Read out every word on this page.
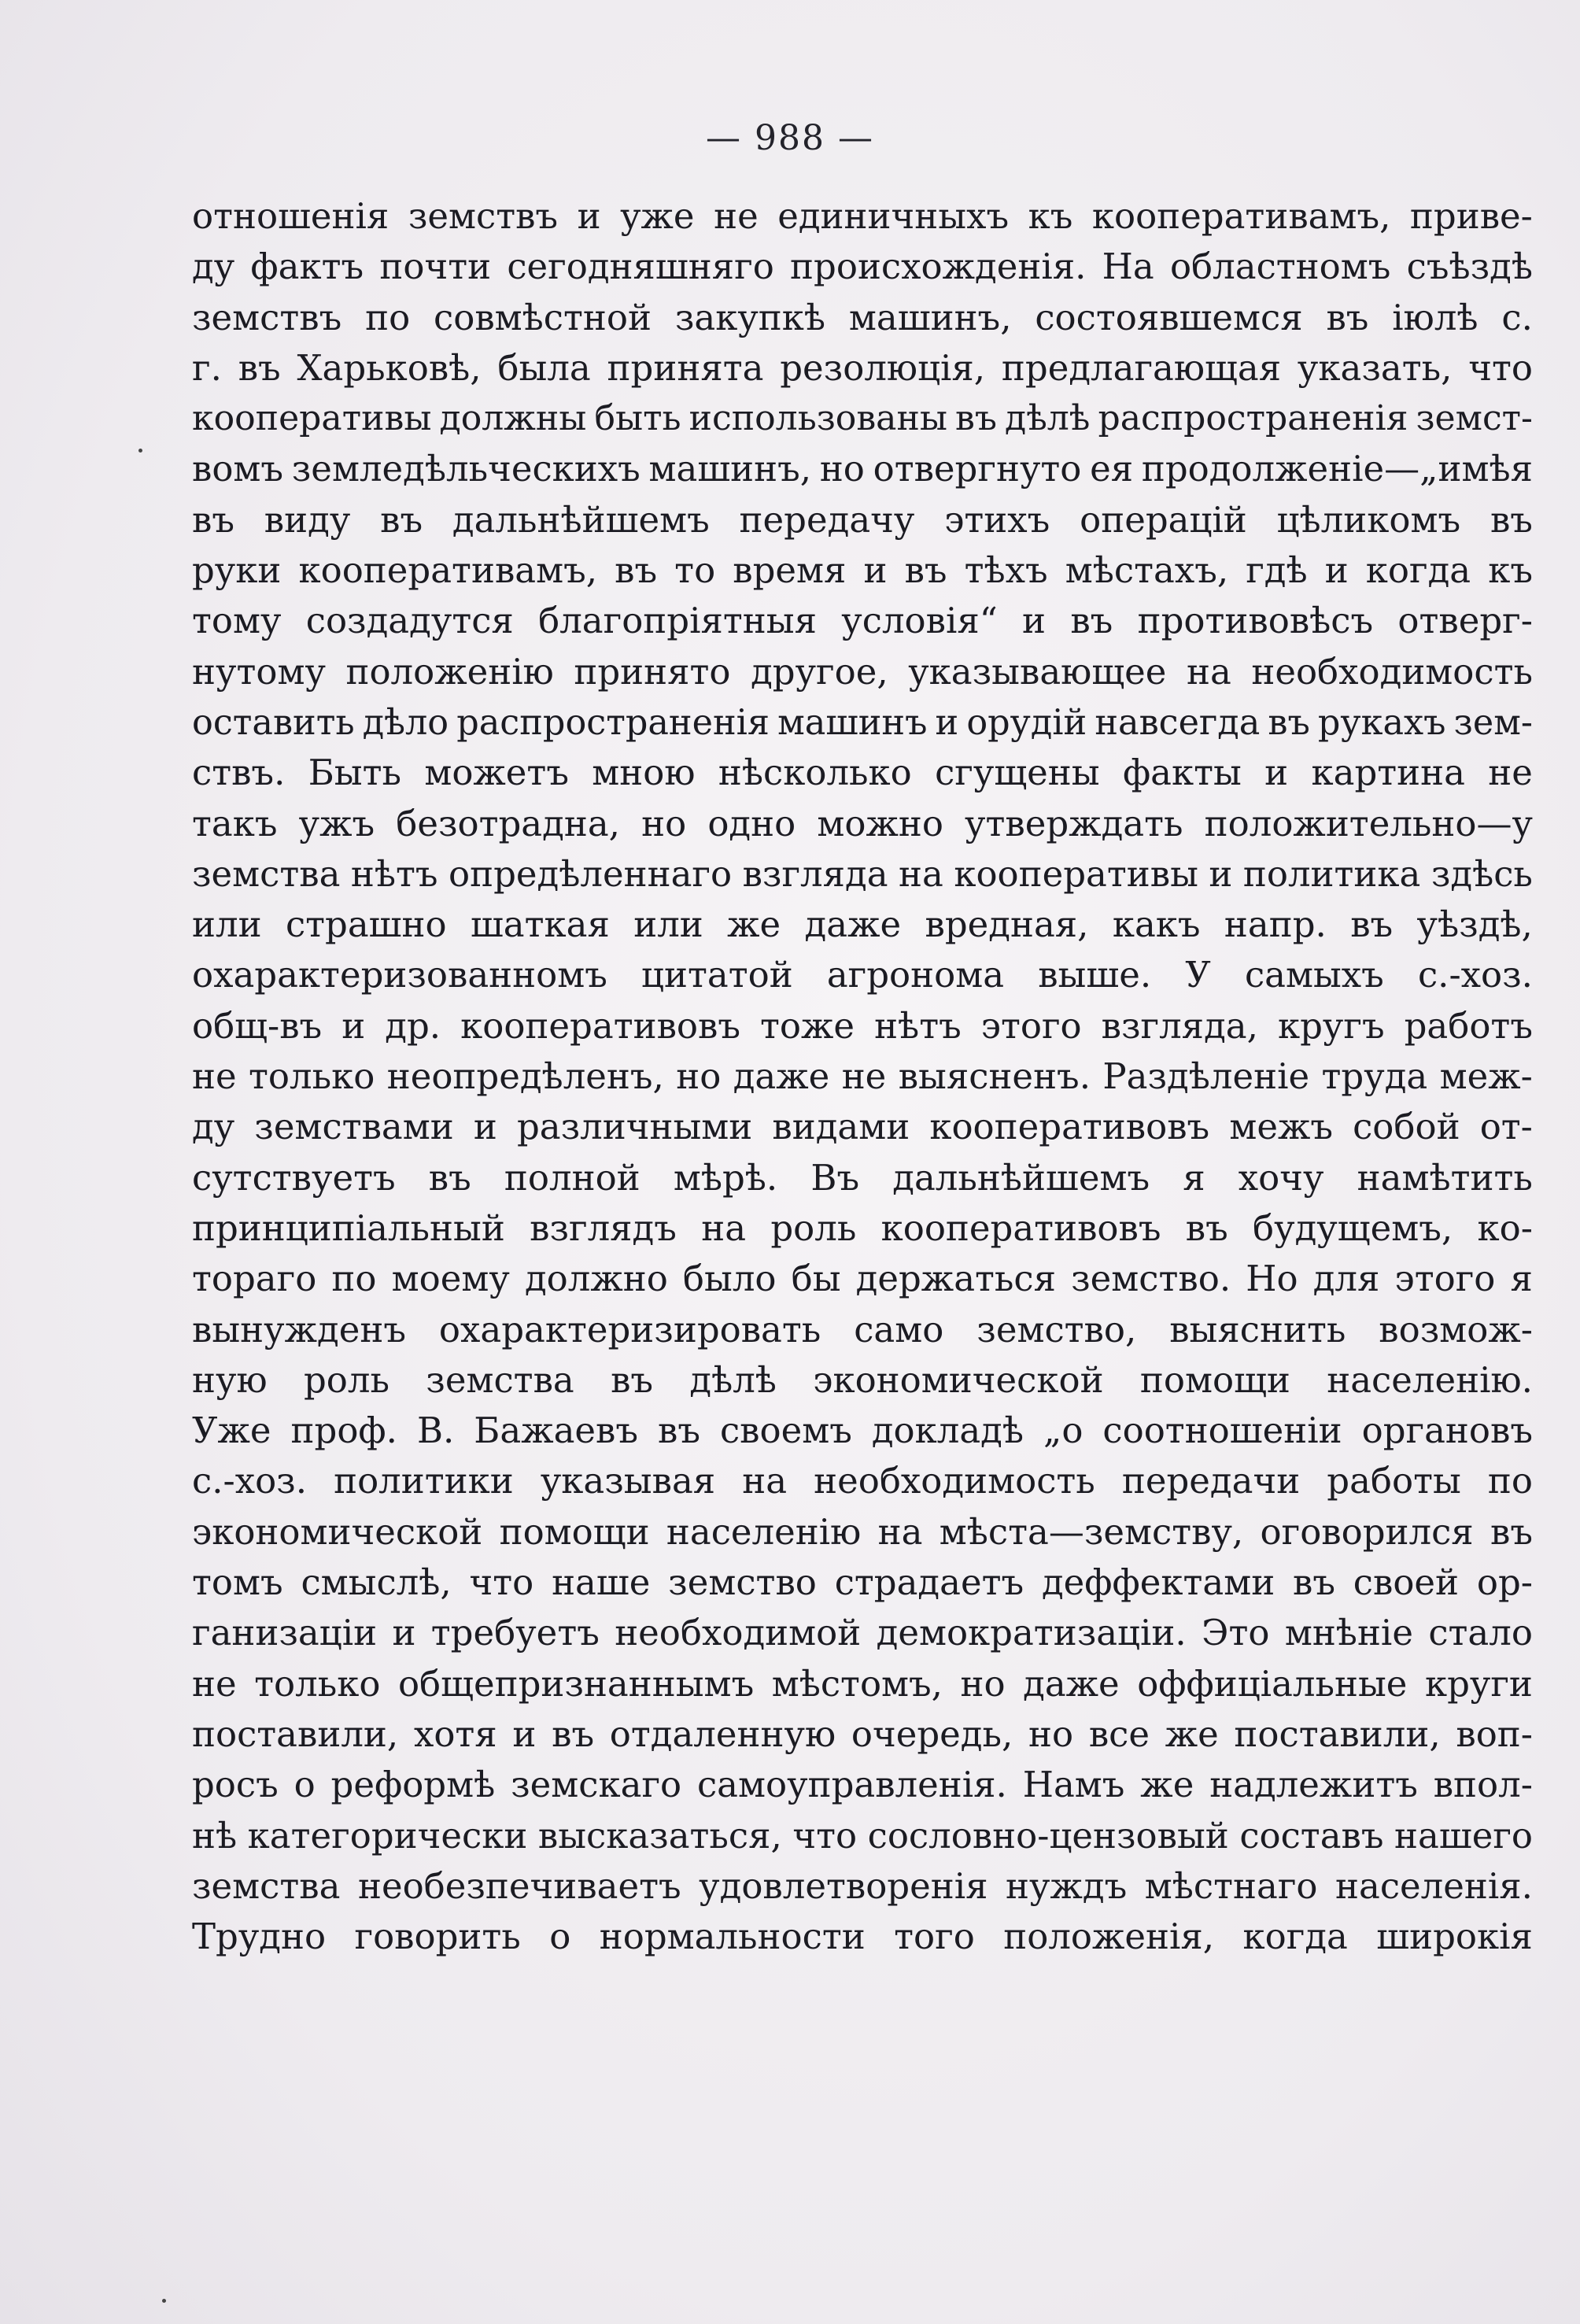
— 988 —
отношенія земствъ и уже не единичныхъ къ кооперативамъ, приве-
ду фактъ почти сегодняшняго происхожденія. На областномъ съѣздѣ
земствъ по совмѣстной закупкѣ машинъ, состоявшемся въ іюлѣ с.
г. въ Харьковѣ, была принята резолюція, предлагающая указать, что
кооперативы должны быть использованы въ дѣлѣ распространенія земст-
вомъ земледѣльческихъ машинъ, но отвергнуто ея продолженіе—„имѣя
въ виду въ дальнѣйшемъ передачу этихъ операцій цѣликомъ въ
руки кооперативамъ, въ то время и въ тѣхъ мѣстахъ, гдѣ и когда къ
тому создадутся благопріятныя условія“ и въ противовѣсъ отверг-
нутому положенію принято другое, указывающее на необходимость
оставить дѣло распространенія машинъ и орудій навсегда въ рукахъ зем-
ствъ. Быть можетъ мною нѣсколько сгущены факты и картина не
такъ ужъ безотрадна, но одно можно утверждать положительно—у
земства нѣтъ опредѣленнаго взгляда на кооперативы и политика здѣсь
или страшно шаткая или же даже вредная, какъ напр. въ уѣздѣ,
охарактеризованномъ цитатой агронома выше. У самыхъ с.-хоз.
общ-въ и др. кооперативовъ тоже нѣтъ этого взгляда, кругъ работъ
не только неопредѣленъ, но даже не выясненъ. Раздѣленіе труда меж-
ду земствами и различными видами кооперативовъ межъ собой от-
сутствуетъ въ полной мѣрѣ. Въ дальнѣйшемъ я хочу намѣтить
принципіальный взглядъ на роль кооперативовъ въ будущемъ, ко-
тораго по моему должно было бы держаться земство. Но для этого я
вынужденъ охарактеризировать само земство, выяснить возмож-
ную роль земства въ дѣлѣ экономической помощи населенію.
Уже проф. В. Бажаевъ въ своемъ докладѣ „о соотношеніи органовъ
с.-хоз. политики указывая на необходимость передачи работы по
экономической помощи населенію на мѣста—земству, оговорился въ
томъ смыслѣ, что наше земство страдаетъ деффектами въ своей ор-
ганизаціи и требуетъ необходимой демократизаціи. Это мнѣніе стало
не только общепризнаннымъ мѣстомъ, но даже оффиціальные круги
поставили, хотя и въ отдаленную очередь, но все же поставили, воп-
росъ о реформѣ земскаго самоуправленія. Намъ же надлежитъ впол-
нѣ категорически высказаться, что сословно-цензовый составъ нашего
земства необезпечиваетъ удовлетворенія нуждъ мѣстнаго населенія.
Трудно говорить о нормальности того положенія, когда широкія
